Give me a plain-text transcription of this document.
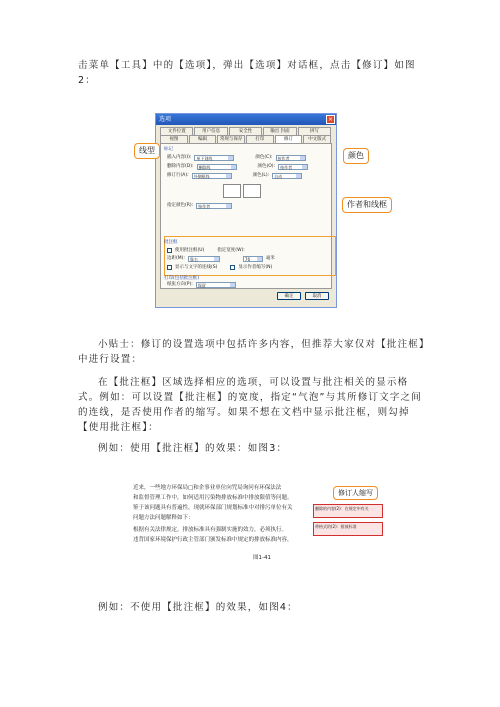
击菜单【工具】中的【选项】，弹出【选项】对话框，点击【修订】如图2：

选项	×
文件位置	用户信息	安全性	输出 封面	拼写
视图	编辑	常规与保存	打印	修订	中文版式
标记
插入内容(I):	单下划线	颜色(C):	按作者
删除内容(D):	删除线	颜色(O):	按作者
修订行(A):	外侧框线	颜色(L):	自动
指定颜色(R):	按作者
批注框
使用批注框(U)	指定宽度(W):
边距(M):	靠右	76	毫米
显示与文字的连线(S)	显示作者缩写(N)
打印(包括批注框)
纸张方向(P):	保留
确定	取消
线型
颜色
作者和线框

小贴士：修订的设置选项中包括许多内容，但推荐大家仅对【批注框】中进行设置：

在【批注框】区域选择相应的选项，可以设置与批注相关的显示格式。例如：可以设置【批注框】的宽度，指定“气泡”与其所修订文字之间的连线，是否使用作者的缩写。如果不想在文档中显示批注框，则勾掉【使用批注框】：

例如：使用【批注框】的效果：如图3：

近来，一些地方环保局□和企事业单位向咒局询问有环保法法
和监督管理工作中，如何适用污染物排放标准中排放限值等问题。
鉴于该问题具有普遍性，现就环保部门规划标准中对排污单位有关
问题方法问题解释如下：
根据有关法律规定，排放标准具有强制实施的效力，必须执行。
违背国家环境保护行政主管部门颁发标准中规定的排放标准内容，
删除的内容(2)：在规定中有关
带格式的(2)：排放标准
修订人缩写
图1-41

例如：不使用【批注框】的效果，如图4：
